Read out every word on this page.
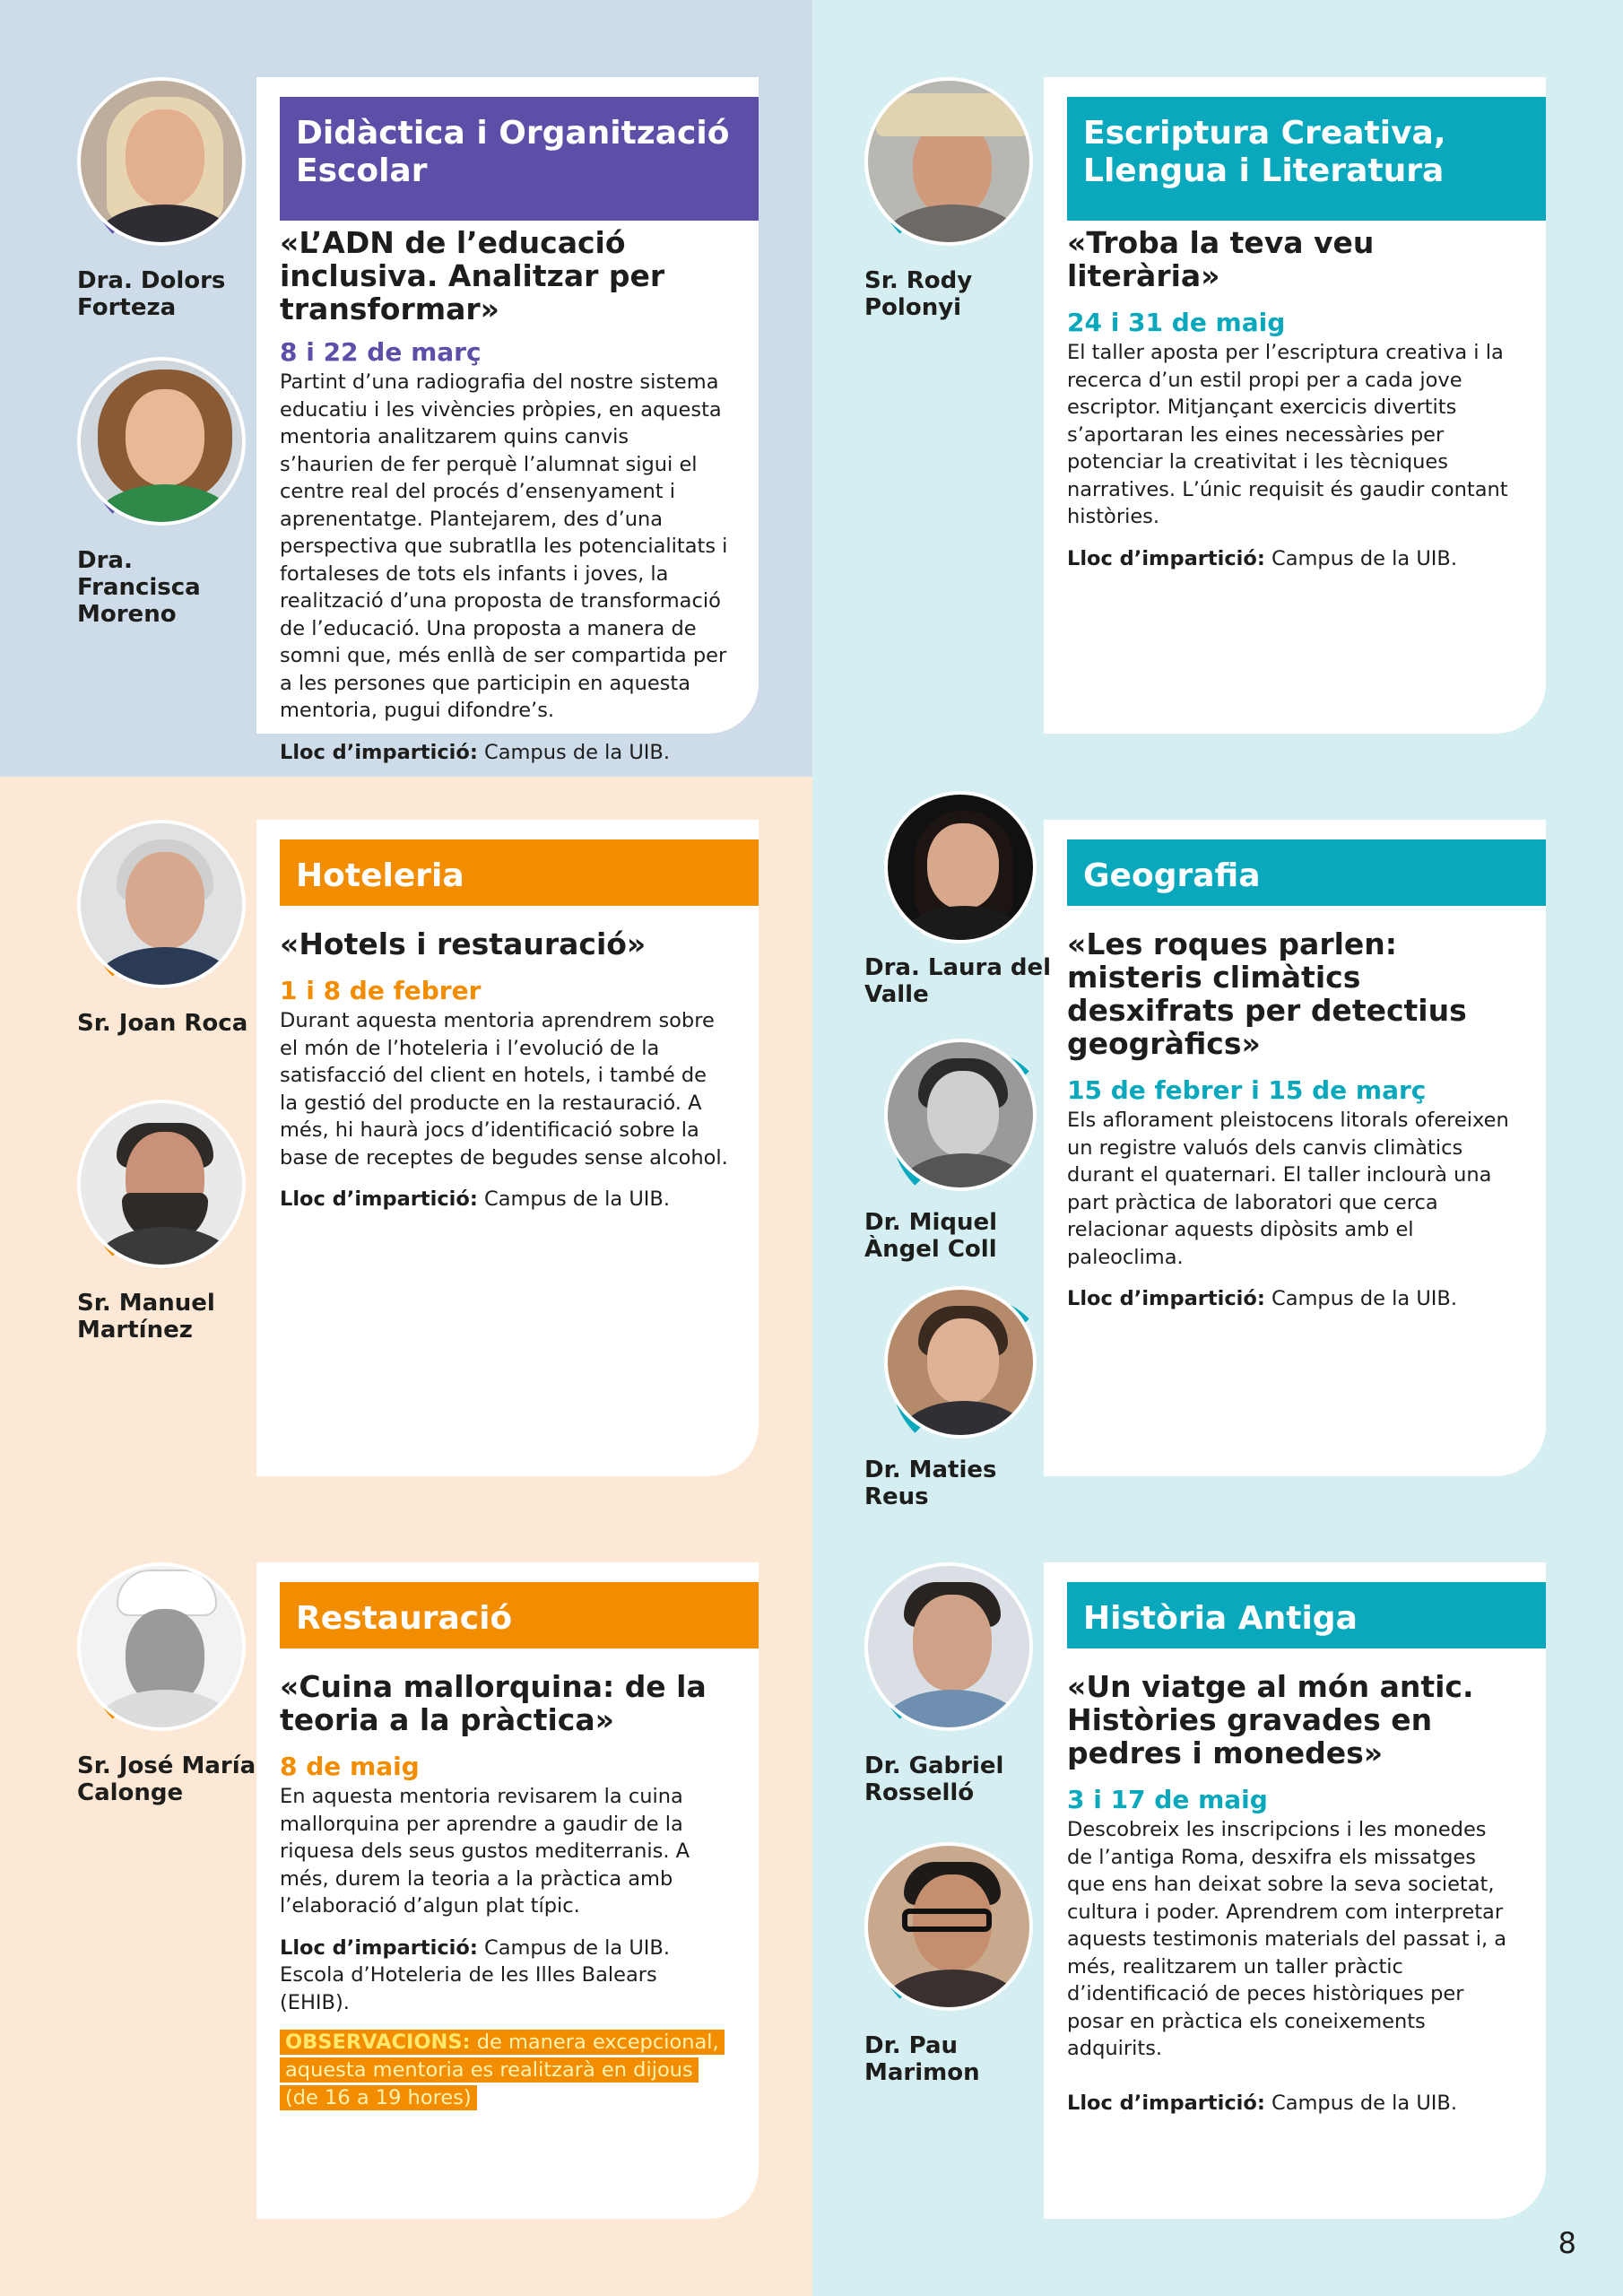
Didàctica i Organització Escolar
«L’ADN de l’educació inclusiva. Analitzar per transformar»
8 i 22 de març

Partint d’una radiografia del nostre sistema educatiu i les vivències pròpies, en aquesta mentoria analitzarem quins canvis s’haurien de fer perquè l’alumnat sigui el centre real del procés d’ensenyament i aprenentatge. Plantejarem, des d’una perspectiva que subratlla les potencialitats i fortaleses de tots els infants i joves, la realització d’una proposta de transformació de l’educació. Una proposta a manera de somni que, més enllà de ser compartida per a les persones que participin en aquesta mentoria, pugui difondre’s.

Lloc d’impartició: Campus de la UIB.

Dra. Dolors Forteza
Dra. Francisca Moreno
Escriptura Creativa, Llengua i Literatura
«Troba la teva veu literària»
24 i 31 de maig

El taller aposta per l’escriptura creativa i la recerca d’un estil propi per a cada jove escriptor. Mitjançant exercicis divertits s’aportaran les eines necessàries per potenciar la creativitat i les tècniques narratives. L’únic requisit és gaudir contant històries.

Lloc d’impartició: Campus de la UIB.

Sr. Rody Polonyi
Hoteleria
«Hotels i restauració»
1 i 8 de febrer

Durant aquesta mentoria aprendrem sobre el món de l’hoteleria i l’evolució de la satisfacció del client en hotels, i també de la gestió del producte en la restauració. A més, hi haurà jocs d’identificació sobre la base de receptes de begudes sense alcohol.

Lloc d’impartició: Campus de la UIB.

Sr. Joan Roca
Sr. Manuel Martínez
Geografia
«Les roques parlen: misteris climàtics desxifrats per detectius geogràfics»
15 de febrer i 15 de març

Els aflorament pleistocens litorals ofereixen un registre valuós dels canvis climàtics durant el quaternari. El taller inclourà una part pràctica de laboratori que cerca relacionar aquests dipòsits amb el paleoclima.

Lloc d’impartició: Campus de la UIB.

Dra. Laura del Valle
Dr. Miquel Àngel Coll
Dr. Maties Reus
Restauració
«Cuina mallorquina: de la teoria a la pràctica»
8 de maig

En aquesta mentoria revisarem la cuina mallorquina per aprendre a gaudir de la riquesa dels seus gustos mediterranis. A més, durem la teoria a la pràctica amb l’elaboració d’algun plat típic.

Lloc d’impartició: Campus de la UIB. Escola d’Hoteleria de les Illes Balears (EHIB).

OBSERVACIONS: de manera excepcional, aquesta mentoria es realitzarà en dijous (de 16 a 19 hores)
Sr. José María Calonge
Història Antiga
«Un viatge al món antic. Històries gravades en pedres i monedes»
3 i 17 de maig

Descobreix les inscripcions i les monedes de l’antiga Roma, desxifra els missatges que ens han deixat sobre la seva societat, cultura i poder. Aprendrem com interpretar aquests testimonis materials del passat i, a més, realitzarem un taller pràctic d’identificació de peces històriques per posar en pràctica els coneixements adquirits.

Lloc d’impartició: Campus de la UIB.

Dr. Gabriel Rosselló
Dr. Pau Marimon
8
